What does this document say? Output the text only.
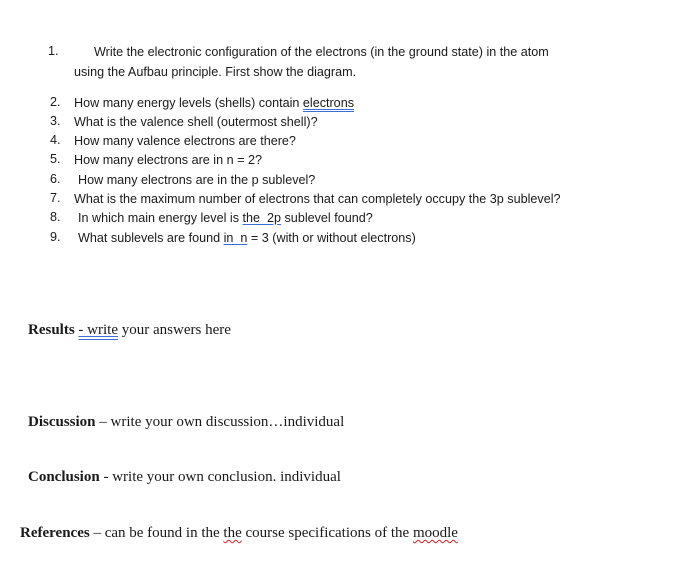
1.	Write the electronic configuration of the electrons (in the ground state) in the atom
using the Aufbau principle. First show the diagram.
2. How many energy levels (shells) contain electrons
3. What is the valence shell (outermost shell)?
4. How many valence electrons are there?
5. How many electrons are in n = 2?
6. How many electrons are in the p sublevel?
7. What is the maximum number of electrons that can completely occupy the 3p sublevel?
8. In which main energy level is the  2p sublevel found?
9. What sublevels are found in  n = 3 (with or without electrons)
Results - write your answers here
Discussion – write your own discussion…individual
Conclusion - write your own conclusion. individual
References – can be found in the the course specifications of the moodle
